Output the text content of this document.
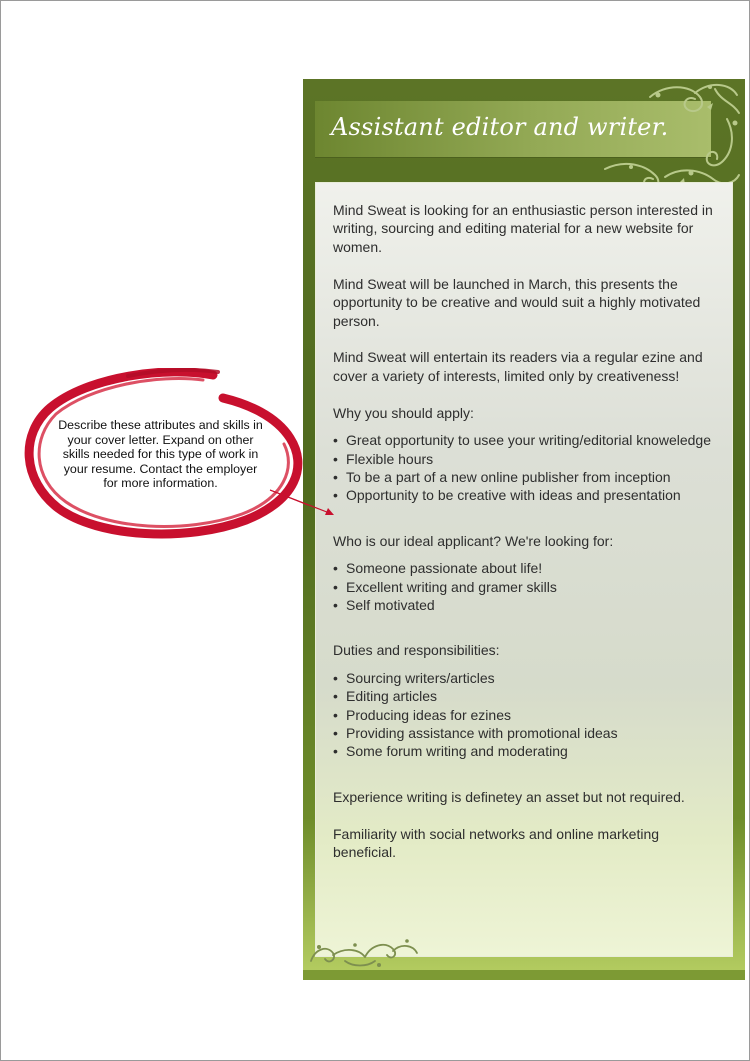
Assistant editor and writer.

Mind Sweat is looking for an enthusiastic person interested in writing, sourcing and editing material for a new website for women.

Mind Sweat will be launched in March, this presents the opportunity to be creative and would suit a highly motivated person.

Mind Sweat will entertain its readers via a regular ezine and cover a variety of interests, limited only by creativeness!

Why you should apply:

• Great opportunity to usee your writing/editorial knoweledge
• Flexible hours
• To be a part of a new online publisher from inception
• Opportunity to be creative with ideas and presentation

Who is our ideal applicant? We're looking for:

• Someone passionate about life!
• Excellent writing and gramer skills
• Self motivated

Duties and responsibilities:

• Sourcing writers/articles
• Editing articles
• Producing ideas for ezines
• Providing assistance with promotional ideas
• Some forum writing and moderating

Experience writing is definetey an asset but not required.

Familiarity with social networks and online marketing beneficial.

Describe these attributes and skills in your cover letter. Expand on other skills needed for this type of work in your resume. Contact the employer for more information.
